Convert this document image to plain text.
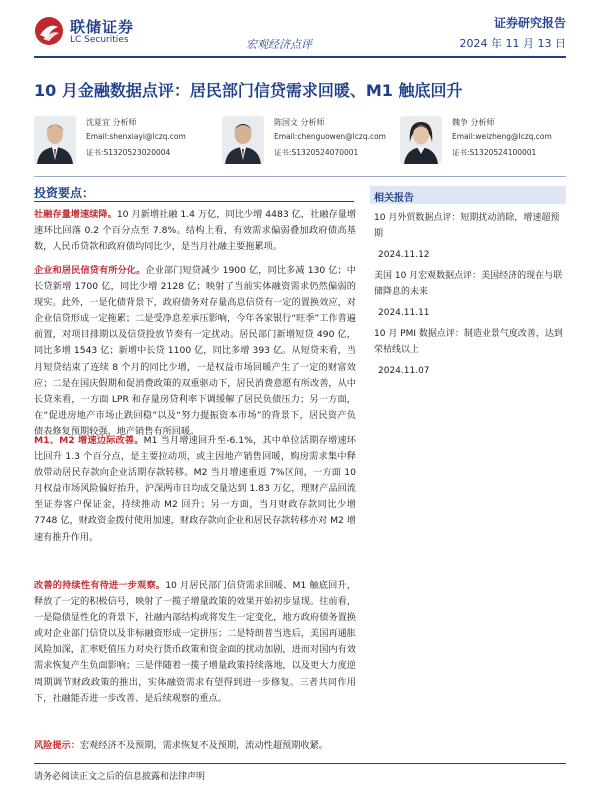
联储证券
LC Securities	宏观经济点评
证券研究报告
2024 年 11 月 13 日
10 月金融数据点评：居民部门信贷需求回暖、M1 触底回升
沈夏宜 分析师
Email:shenxiayi@lczq.com
证书:S1320523020004
陈国文 分析师
Email:chenguowen@lczq.com
证书:S1320524070001
魏争 分析师
Email:weizheng@lczq.com
证书:S1320524100001
投资要点：
社融存量增速续降。10 月新增社融 1.4 万亿，同比少增 4483 亿，社融存量增速环比回落 0.2 个百分点至 7.8%。结构上看，有效需求偏弱叠加政府债高基数，人民币贷款和政府债均同比少，是当月社融主要拖累项。
企业和居民信贷有所分化。企业部门短贷减少 1900 亿，同比多减 130 亿；中长贷新增 1700 亿，同比少增 2128 亿；映射了当前实体融资需求仍然偏弱的现实。此外，一是化债背景下，政府债务对存量高息信贷有一定的置换效应，对企业信贷形成一定拖累；二是受净息差承压影响，今年各家银行“旺季”工作普遍前置，对项目排期以及信贷投放节奏有一定扰动。居民部门新增短贷 490 亿，同比多增 1543 亿；新增中长贷 1100 亿，同比多增 393 亿。从短贷来看，当月短贷结束了连续 8 个月的同比少增，一是权益市场回暖产生了一定的财富效应；二是在国庆假期和促消费政策的双重驱动下，居民消费意愿有所改善，从中长贷来看，一方面 LPR 和存量房贷利率下调缓解了居民负债压力；另一方面，在“促进房地产市场止跌回稳”以及“努力提振资本市场”的背景下，居民资产负债表修复预期较强、地产销售有所回暖。
M1、M2 增速边际改善。M1 当月增速回升至-6.1%，其中单位活期存增速环比回升 1.3 个百分点，是主要拉动项，或主因地产销售回暖，购房需求集中释放带动居民存款向企业活期存款转移。M2 当月增速重返 7%区间，一方面 10 月权益市场风险偏好抬升，沪深两市日均成交量达到 1.83 万亿，理财产品回流至证券客户保证金，持续推动 M2 回升；另一方面，当月财政存款同比少增 7748 亿，财政资金拨付使用加速，财政存款向企业和居民存款转移亦对 M2 增速有推升作用。
改善的持续性有待进一步观察。10 月居民部门信贷需求回暖、M1 触底回升，释放了一定的积极信号，映射了一揽子增量政策的效果开始初步显现。往前看，一是隐债显性化的背景下，社融内部结构或将发生一定变化，地方政府债务置换或对企业部门信贷以及非标融资形成一定拼压；二是特朗普当选后，美国再通胀风险加深，汇率贬值压力对央行货币政策和资金面的扰动加剧，进而对国内有效需求恢复产生负面影响；三是伴随着一揽子增量政策持续落地，以及更大力度逆周期调节财政政策的推出，实体融资需求有望得到进一步修复。三者共同作用下，社融能否进一步改善、是后续观察的重点。
风险提示：宏观经济不及预期，需求恢复不及预期，流动性超预期收紧。
相关报告
10 月外贸数据点评：短期扰动消除，增速超预期
2024.11.12
美国 10 月宏观数据点评：美国经济的现在与联储降息的未来
2024.11.11
10 月 PMI 数据点评：制造业景气度改善，达到荣枯线以上
2024.11.07
请务必阅读正文之后的信息披露和法律声明
